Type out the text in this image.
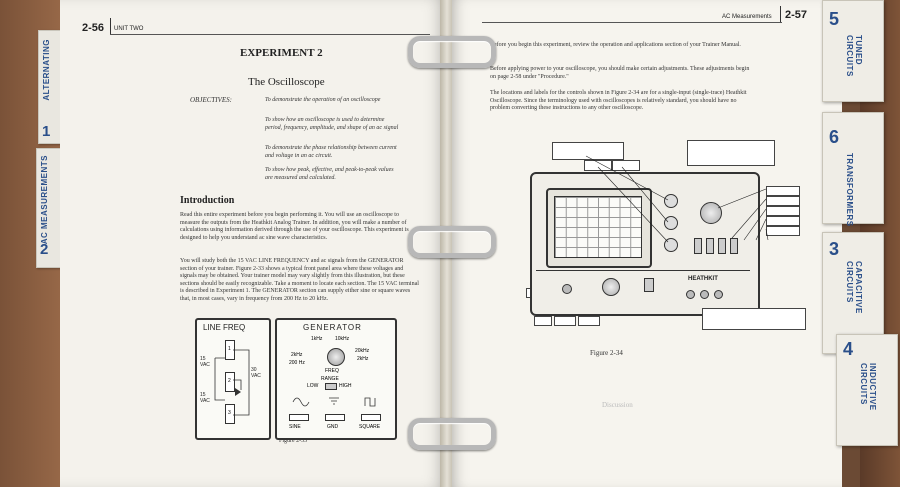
ALTERNATING
1
AC MEASUREMENTS
2
2-56 UNIT TWO
EXPERIMENT 2
The Oscilloscope
OBJECTIVES:	To demonstrate the operation of an oscilloscope
To show how an oscilloscope is used to determine period, frequency, amplitude, and shape of an ac signal
To demonstrate the phase relationship between current and voltage in an ac circuit.
To show how peak, effective, and peak-to-peak values are measured and calculated.
Introduction
Read this entire experiment before you begin performing it. You will use an oscilloscope to measure the outputs from the Heathkit Analog Trainer. In addition, you will make a number of calculations using information derived through the use of your oscilloscope. This experiment is designed to help you understand ac sine wave characteristics.
You will study both the 15 VAC LINE FREQUENCY and ac signals from the GENERATOR section of your trainer. Figure 2-33 shows a typical front panel area where these voltages and signals may be obtained. Your trainer model may vary slightly from this illustration, but these sections should be easily recognizable. Take a moment to locate each section. The 15 VAC terminal is described in Experiment 1. The GENERATOR section can supply either sine or square waves that, in most cases, vary in frequency from 200 Hz to 20 kHz.
LINE FREQ
15 VAC
30 VAC
15 VAC
1
2
3
GENERATOR
1kHz	10kHz
2kHz
200 Hz
20kHz
2kHz
FREQ
RANGE
LOW	HIGH
SINE	GND	SQUARE
Figure 2-33
AC Measurements 2-57
Before you begin this experiment, review the operation and applications section of your Trainer Manual.
Before applying power to your oscilloscope, you should make certain adjustments. These adjustments begin on page 2-58 under "Procedure."
The locations and labels for the controls shown in Figure 2-34 are for a single-input (single-trace) Heathkit Oscilloscope. Since the terminology used with oscilloscopes is relatively standard, you should have no problem converting these instructions to any other oscilloscope.
HEATHKIT
Figure 2-34
Discussion
5
TUNED CIRCUITS
6
TRANSFORMERS
3
CAPACITIVE CIRCUITS
4
INDUCTIVE CIRCUITS
